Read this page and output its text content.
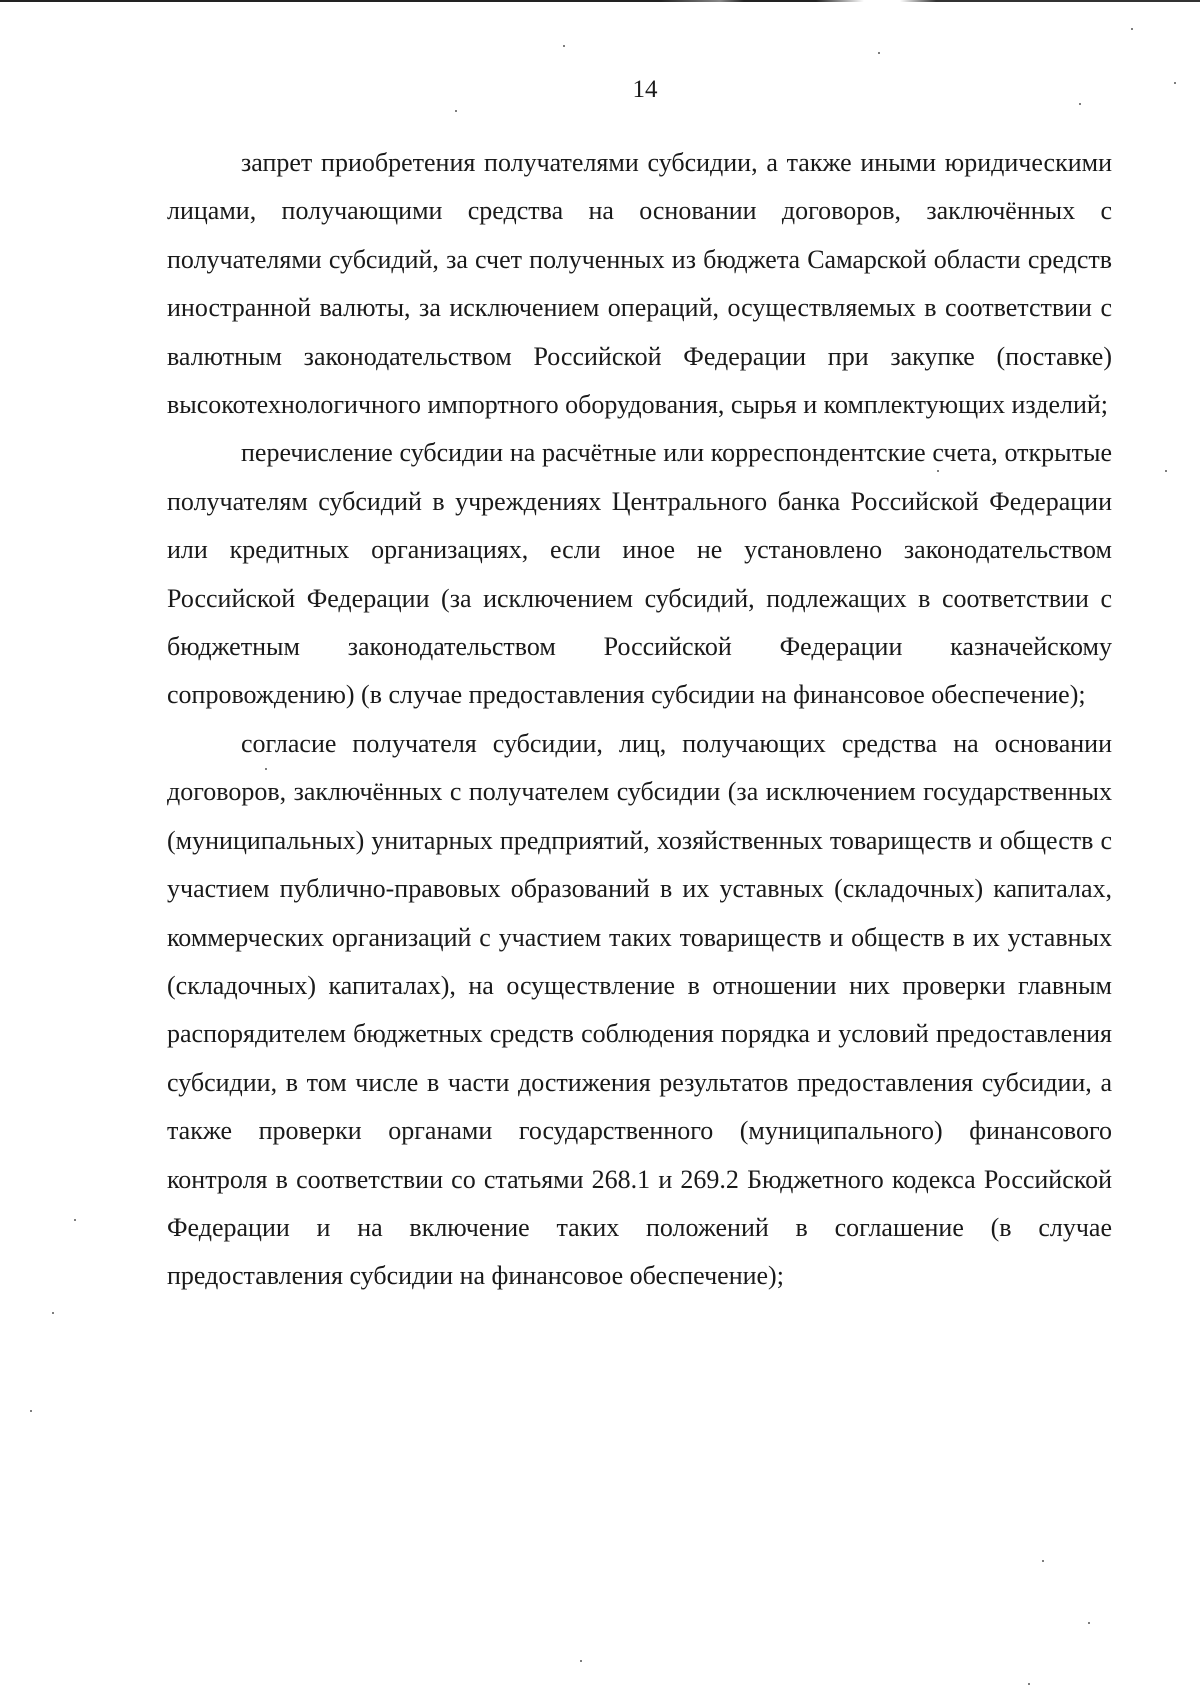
14

запрет приобретения получателями субсидии, а также иными юридическими лицами, получающими средства на основании договоров, заключённых с получателями субсидий, за счет полученных из бюджета Самарской области средств иностранной валюты, за исключением операций, осуществляемых в соответствии с валютным законодательством Российской Федерации при закупке (поставке) высокотехнологичного импортного оборудования, сырья и комплектующих изделий;

перечисление субсидии на расчётные или корреспондентские счета, открытые получателям субсидий в учреждениях Центрального банка Российской Федерации или кредитных организациях, если иное не установлено законодательством Российской Федерации (за исключением субсидий, подлежащих в соответствии с бюджетным законодательством Российской Федерации казначейскому сопровождению) (в случае предоставления субсидии на финансовое обеспечение);

согласие получателя субсидии, лиц, получающих средства на основании договоров, заключённых с получателем субсидии (за исключением государственных (муниципальных) унитарных предприятий, хозяйственных товариществ и обществ с участием публично-правовых образований в их уставных (складочных) капиталах, коммерческих организаций с участием таких товариществ и обществ в их уставных (складочных) капиталах), на осуществление в отношении них проверки главным распорядителем бюджетных средств соблюдения порядка и условий предоставления субсидии, в том числе в части достижения результатов предоставления субсидии, а также проверки органами государственного (муниципального) финансового контроля в соответствии со статьями 268.1 и 269.2 Бюджетного кодекса Российской Федерации и на включение таких положений в соглашение (в случае предоставления субсидии на финансовое обеспечение);
